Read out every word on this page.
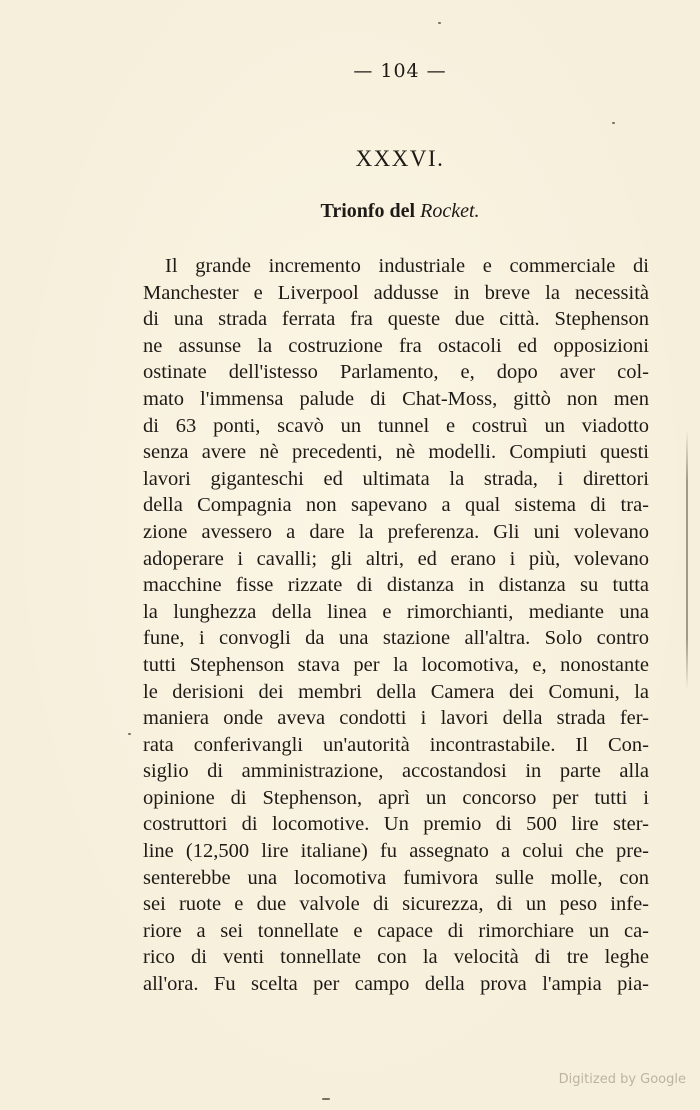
— 104 —
XXXVI.
Trionfo del Rocket.
Il grande incremento industriale e commerciale di
Manchester e Liverpool addusse in breve la necessità
di una strada ferrata fra queste due città. Stephenson
ne assunse la costruzione fra ostacoli ed opposizioni
ostinate dell'istesso Parlamento, e, dopo aver col-
mato l'immensa palude di Chat-Moss, gittò non men
di 63 ponti, scavò un tunnel e costruì un viadotto
senza avere nè precedenti, nè modelli. Compiuti questi
lavori giganteschi ed ultimata la strada, i direttori
della Compagnia non sapevano a qual sistema di tra-
zione avessero a dare la preferenza. Gli uni volevano
adoperare i cavalli; gli altri, ed erano i più, volevano
macchine fisse rizzate di distanza in distanza su tutta
la lunghezza della linea e rimorchianti, mediante una
fune, i convogli da una stazione all'altra. Solo contro
tutti Stephenson stava per la locomotiva, e, nonostante
le derisioni dei membri della Camera dei Comuni, la
maniera onde aveva condotti i lavori della strada fer-
rata conferivangli un'autorità incontrastabile. Il Con-
siglio di amministrazione, accostandosi in parte alla
opinione di Stephenson, aprì un concorso per tutti i
costruttori di locomotive. Un premio di 500 lire ster-
line (12,500 lire italiane) fu assegnato a colui che pre-
senterebbe una locomotiva fumivora sulle molle, con
sei ruote e due valvole di sicurezza, di un peso infe-
riore a sei tonnellate e capace di rimorchiare un ca-
rico di venti tonnellate con la velocità di tre leghe
all'ora. Fu scelta per campo della prova l'ampia pia-
Digitized by Google
